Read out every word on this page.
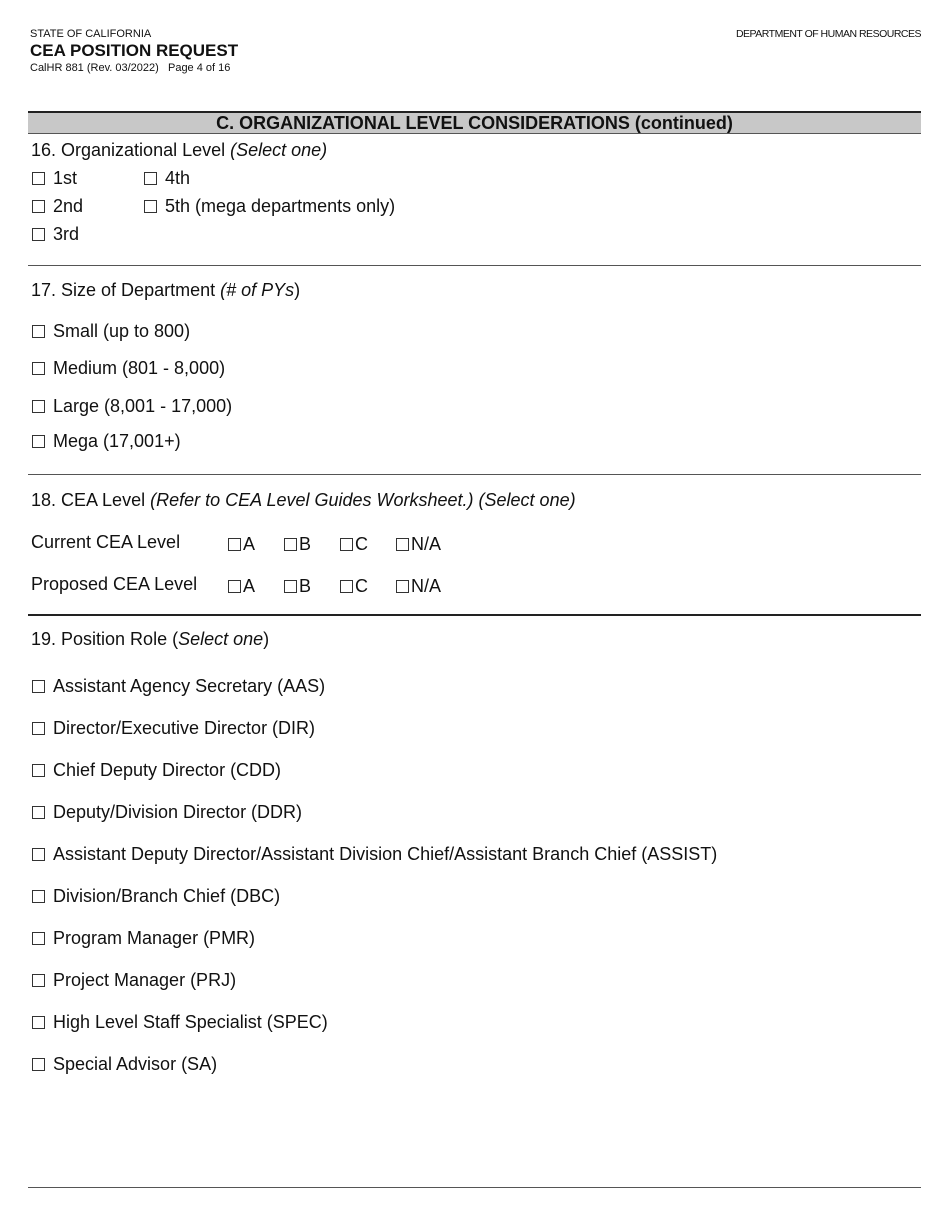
STATE OF CALIFORNIA
CEA POSITION REQUEST
CalHR 881 (Rev. 03/2022) Page 4 of 16
DEPARTMENT OF HUMAN RESOURCES
C. ORGANIZATIONAL LEVEL CONSIDERATIONS (continued)
16. Organizational Level (Select one)
1st
2nd
3rd
4th
5th (mega departments only)
17. Size of Department (# of PYs)
Small (up to 800)
Medium (801 - 8,000)
Large (8,001 - 17,000)
Mega (17,001+)
18. CEA Level (Refer to CEA Level Guides Worksheet.) (Select one)
Current CEA Level	A B C N/A
Proposed CEA Level	A B C N/A
19. Position Role (Select one)
Assistant Agency Secretary (AAS)
Director/Executive Director (DIR)
Chief Deputy Director (CDD)
Deputy/Division Director (DDR)
Assistant Deputy Director/Assistant Division Chief/Assistant Branch Chief (ASSIST)
Division/Branch Chief (DBC)
Program Manager (PMR)
Project Manager (PRJ)
High Level Staff Specialist (SPEC)
Special Advisor (SA)
